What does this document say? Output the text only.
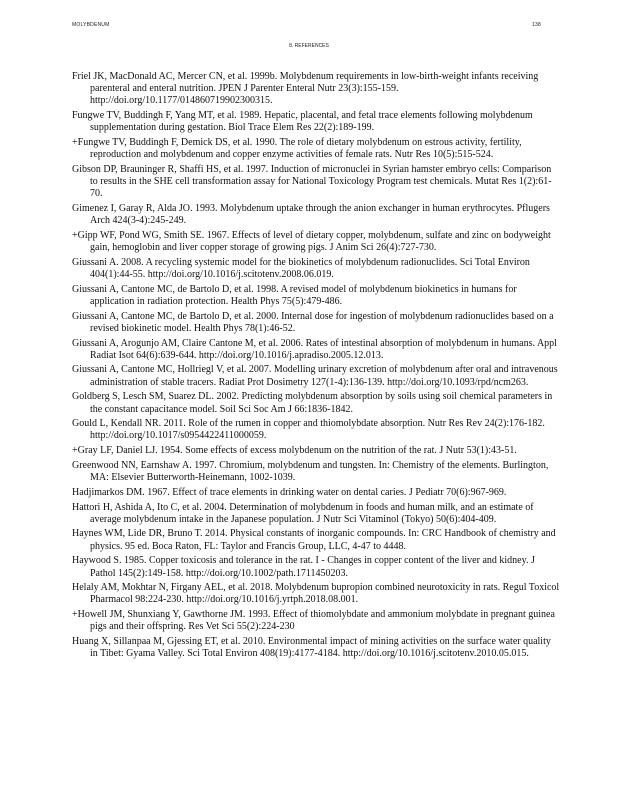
MOLYBDENUM	138
8. REFERENCES

Friel JK, MacDonald AC, Mercer CN, et al. 1999b. Molybdenum requirements in low-birth-weight infants receiving parenteral and enteral nutrition. JPEN J Parenter Enteral Nutr 23(3):155-159. http://doi.org/10.1177/014860719902300315.

Fungwe TV, Buddingh F, Yang MT, et al. 1989. Hepatic, placental, and fetal trace elements following molybdenum supplementation during gestation. Biol Trace Elem Res 22(2):189-199.

+Fungwe TV, Buddingh F, Demick DS, et al. 1990. The role of dietary molybdenum on estrous activity, fertility, reproduction and molybdenum and copper enzyme activities of female rats. Nutr Res 10(5):515-524.

Gibson DP, Brauninger R, Shaffi HS, et al. 1997. Induction of micronuclei in Syrian hamster embryo cells: Comparison to results in the SHE cell transformation assay for National Toxicology Program test chemicals. Mutat Res 1(2):61-70.

Gimenez I, Garay R, Alda JO. 1993. Molybdenum uptake through the anion exchanger in human erythrocytes. Pflugers Arch 424(3-4):245-249.

+Gipp WF, Pond WG, Smith SE. 1967. Effects of level of dietary copper, molybdenum, sulfate and zinc on bodyweight gain, hemoglobin and liver copper storage of growing pigs. J Anim Sci 26(4):727-730.

Giussani A. 2008. A recycling systemic model for the biokinetics of molybdenum radionuclides. Sci Total Environ 404(1):44-55. http://doi.org/10.1016/j.scitotenv.2008.06.019.

Giussani A, Cantone MC, de Bartolo D, et al. 1998. A revised model of molybdenum biokinetics in humans for application in radiation protection. Health Phys 75(5):479-486.

Giussani A, Cantone MC, de Bartolo D, et al. 2000. Internal dose for ingestion of molybdenum radionuclides based on a revised biokinetic model. Health Phys 78(1):46-52.

Giussani A, Arogunjo AM, Claire Cantone M, et al. 2006. Rates of intestinal absorption of molybdenum in humans. Appl Radiat Isot 64(6):639-644. http://doi.org/10.1016/j.apradiso.2005.12.013.

Giussani A, Cantone MC, Hollriegl V, et al. 2007. Modelling urinary excretion of molybdenum after oral and intravenous administration of stable tracers. Radiat Prot Dosimetry 127(1-4):136-139. http://doi.org/10.1093/rpd/ncm263.

Goldberg S, Lesch SM, Suarez DL. 2002. Predicting molybdenum absorption by soils using soil chemical parameters in the constant capacitance model. Soil Sci Soc Am J 66:1836-1842.

Gould L, Kendall NR. 2011. Role of the rumen in copper and thiomolybdate absorption. Nutr Res Rev 24(2):176-182. http://doi.org/10.1017/s0954422411000059.

+Gray LF, Daniel LJ. 1954. Some effects of excess molybdenum on the nutrition of the rat. J Nutr 53(1):43-51.

Greenwood NN, Earnshaw A. 1997. Chromium, molybdenum and tungsten. In: Chemistry of the elements. Burlington, MA: Elsevier Butterworth-Heinemann, 1002-1039.

Hadjimarkos DM. 1967. Effect of trace elements in drinking water on dental caries. J Pediatr 70(6):967-969.

Hattori H, Ashida A, Ito C, et al. 2004. Determination of molybdenum in foods and human milk, and an estimate of average molybdenum intake in the Japanese population. J Nutr Sci Vitaminol (Tokyo) 50(6):404-409.

Haynes WM, Lide DR, Bruno T. 2014. Physical constants of inorganic compounds. In: CRC Handbook of chemistry and physics. 95 ed. Boca Raton, FL: Taylor and Francis Group, LLC, 4-47 to 4448.

Haywood S. 1985. Copper toxicosis and tolerance in the rat. I - Changes in copper content of the liver and kidney. J Pathol 145(2):149-158. http://doi.org/10.1002/path.1711450203.

Helaly AM, Mokhtar N, Firgany AEL, et al. 2018. Molybdenum bupropion combined neurotoxicity in rats. Regul Toxicol Pharmacol 98:224-230. http://doi.org/10.1016/j.yrtph.2018.08.001.

+Howell JM, Shunxiang Y, Gawthorne JM. 1993. Effect of thiomolybdate and ammonium molybdate in pregnant guinea pigs and their offspring. Res Vet Sci 55(2):224-230

Huang X, Sillanpaa M, Gjessing ET, et al. 2010. Environmental impact of mining activities on the surface water quality in Tibet: Gyama Valley. Sci Total Environ 408(19):4177-4184. http://doi.org/10.1016/j.scitotenv.2010.05.015.
